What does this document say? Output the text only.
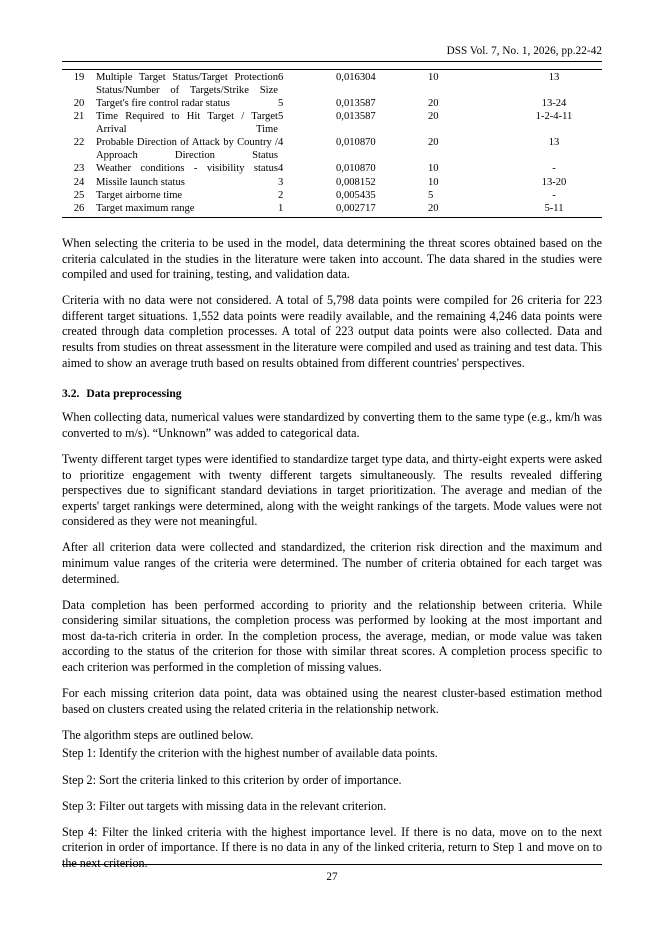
DSS Vol. 7, No. 1, 2026, pp.22-42
19	Multiple Target Status/Target Protection Status/Number of Targets/Strike Size	6	0,016304	10	13
20	Target's fire control radar status	5	0,013587	20	13-24
21	Time Required to Hit Target / Target Arrival Time	5	0,013587	20	1-2-4-11
22	Probable Direction of Attack by Country / Approach Direction Status	4	0,010870	20	13
23	Weather conditions - visibility status	4	0,010870	10	-
24	Missile launch status	3	0,008152	10	13-20
25	Target airborne time	2	0,005435	5	-
26	Target maximum range	1	0,002717	20	5-11

When selecting the criteria to be used in the model, data determining the threat scores obtained based on the criteria calculated in the studies in the literature were taken into account. The data shared in the studies were compiled and used for training, testing, and validation data.

Criteria with no data were not considered. A total of 5,798 data points were compiled for 26 criteria for 223 different target situations. 1,552 data points were readily available, and the remaining 4,246 data points were created through data completion processes. A total of 223 output data points were also collected. Data and results from studies on threat assessment in the literature were compiled and used as training and test data. This aimed to show an average truth based on results obtained from different countries' perspectives.

3.2. Data preprocessing

When collecting data, numerical values were standardized by converting them to the same type (e.g., km/h was converted to m/s). “Unknown” was added to categorical data.

Twenty different target types were identified to standardize target type data, and thirty-eight experts were asked to prioritize engagement with twenty different targets simultaneously. The results revealed differing perspectives due to significant standard deviations in target prioritization. The average and median of the experts' target rankings were determined, along with the weight rankings of the targets. Mode values were not considered as they were not meaningful.

After all criterion data were collected and standardized, the criterion risk direction and the maximum and minimum value ranges of the criteria were determined. The number of criteria obtained for each target was determined.

Data completion has been performed according to priority and the relationship between criteria. While considering similar situations, the completion process was performed by looking at the most important and most da-ta-rich criteria in order. In the completion process, the average, median, or mode value was taken according to the status of the criterion for those with similar threat scores. A completion process specific to each criterion was performed in the completion of missing values.

For each missing criterion data point, data was obtained using the nearest cluster-based estimation method based on clusters created using the related criteria in the relationship network.

The algorithm steps are outlined below.

Step 1: Identify the criterion with the highest number of available data points.

Step 2: Sort the criteria linked to this criterion by order of importance.

Step 3: Filter out targets with missing data in the relevant criterion.

Step 4: Filter the linked criteria with the highest importance level. If there is no data, move on to the next criterion in order of importance. If there is no data in any of the linked criteria, return to Step 1 and move on to the next criterion.

27
